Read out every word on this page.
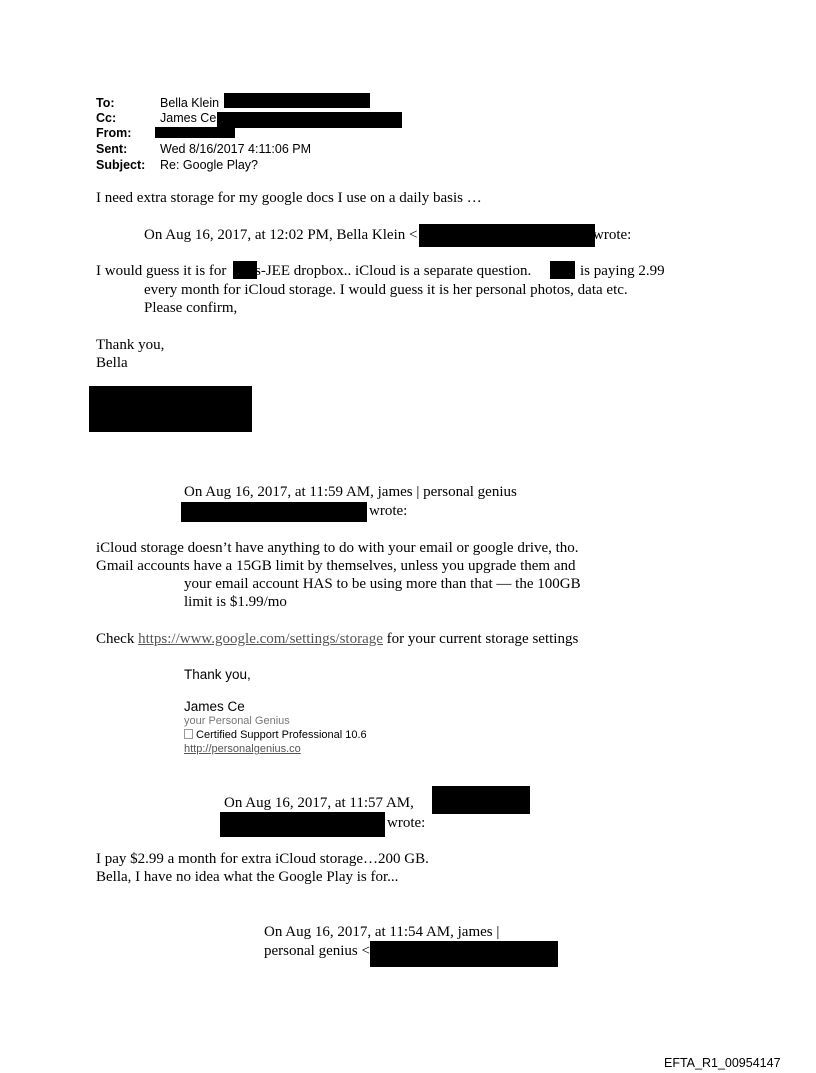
To:	Bella Klein
Cc:	James Ce
From:
Sent:	Wed 8/16/2017 4:11:06 PM
Subject: Re: Google Play?
I need extra storage for my google docs I use on a daily basis …
On Aug 16, 2017, at 12:02 PM, Bella Klein <	wrote:
I would guess it is for s-JEE dropbox.. iCloud is a separate question.	is paying 2.99
every month for iCloud storage. I would guess it is her personal photos, data etc.
Please confirm,
Thank you,
Bella
On Aug 16, 2017, at 11:59 AM, james | personal genius
wrote:
iCloud storage doesn’t have anything to do with your email or google drive, tho.
Gmail accounts have a 15GB limit by themselves, unless you upgrade them and
your email account HAS to be using more than that — the 100GB
limit is $1.99/mo
Check https://www.google.com/settings/storage for your current storage settings
Thank you,
James Ce
your Personal Genius
Certified Support Professional 10.6
http://personalgenius.co
On Aug 16, 2017, at 11:57 AM,
wrote:
I pay $2.99 a month for extra iCloud storage…200 GB.
Bella, I have no idea what the Google Play is for...
On Aug 16, 2017, at 11:54 AM, james |
personal genius <
EFTA_R1_00954147
